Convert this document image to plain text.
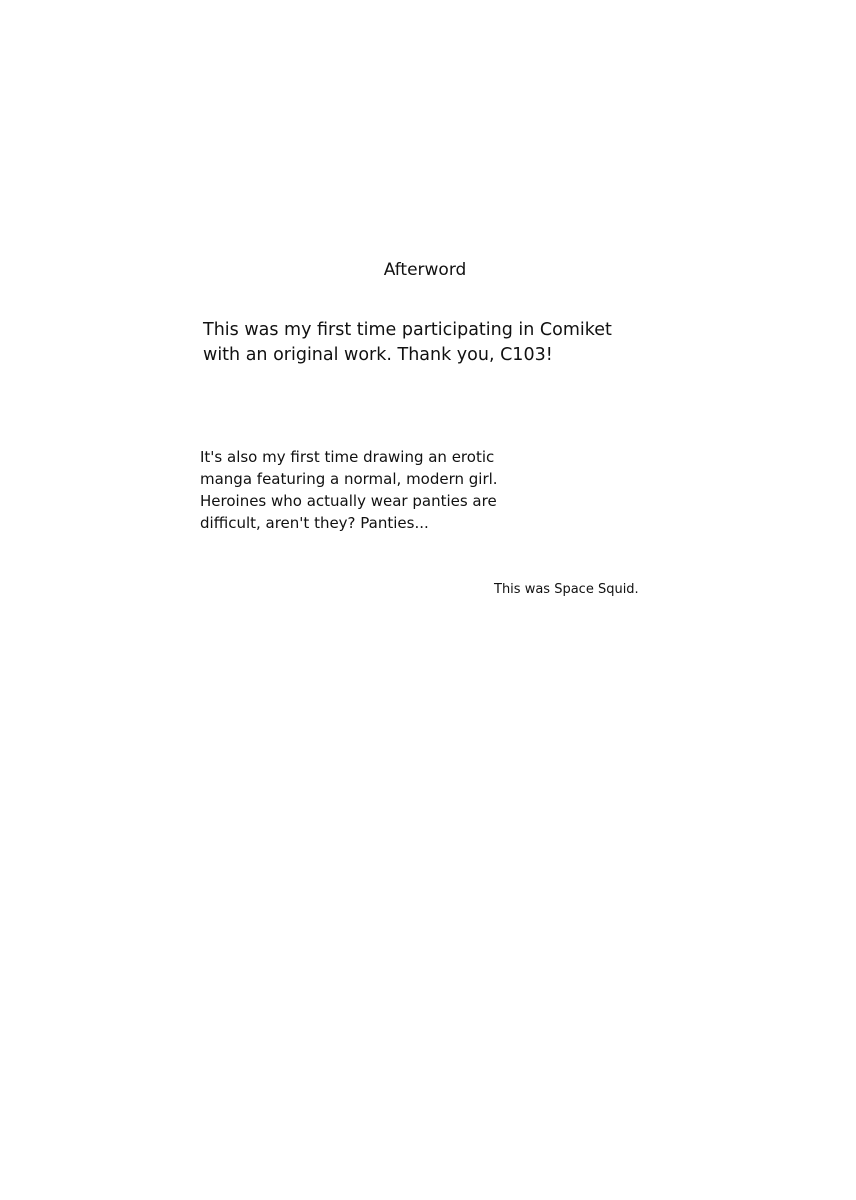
Afterword

This was my first time participating in Comiket
with an original work. Thank you, C103!

It's also my first time drawing an erotic
manga featuring a normal, modern girl.
Heroines who actually wear panties are
difficult, aren't they? Panties...

This was Space Squid.
